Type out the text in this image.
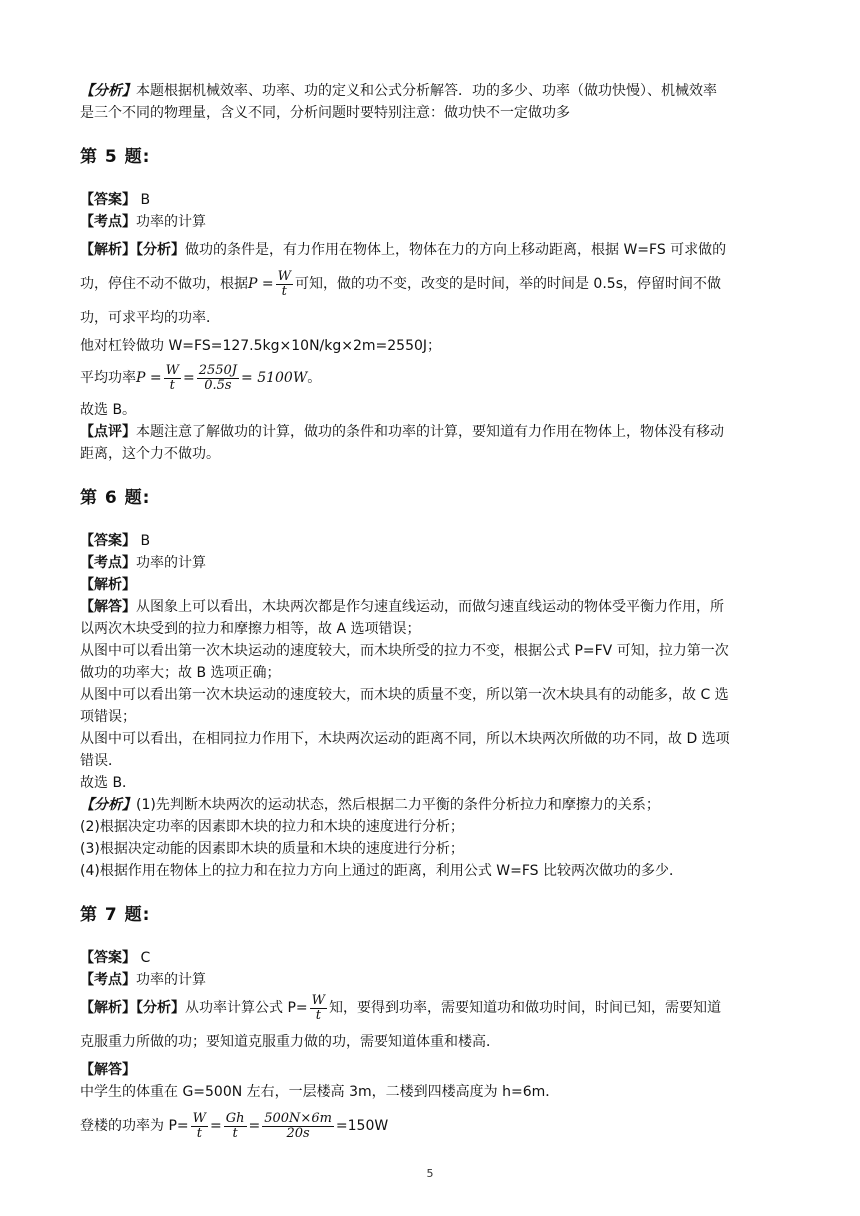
【分析】本题根据机械效率、功率、功的定义和公式分析解答．功的多少、功率（做功快慢）、机械效率
是三个不同的物理量，含义不同，分析问题时要特别注意：做功快不一定做功多
第 5 题:
【答案】 B
【考点】功率的计算
【解析】【分析】做功的条件是，有力作用在物体上，物体在力的方向上移动距离，根据 W=FS 可求做的
功，停住不动不做功，根据$P = \frac{W}{t}$ 可知，做的功不变，改变的是时间，举的时间是 0.5s，停留时间不做
功，可求平均的功率．
他对杠铃做功 W=FS=127.5kg×10N/kg×2m=2550J；
平均功率$P = \frac{W}{t} = \frac{2550J}{0.5s} = 5100W$。
故选 B。
【点评】本题注意了解做功的计算，做功的条件和功率的计算，要知道有力作用在物体上，物体没有移动
距离，这个力不做功。
第 6 题:
【答案】 B
【考点】功率的计算
【解析】
【解答】从图象上可以看出，木块两次都是作匀速直线运动，而做匀速直线运动的物体受平衡力作用，所
以两次木块受到的拉力和摩擦力相等，故 A 选项错误；
从图中可以看出第一次木块运动的速度较大，而木块所受的拉力不变，根据公式 P=FV 可知，拉力第一次
做功的功率大；故 B 选项正确；
从图中可以看出第一次木块运动的速度较大，而木块的质量不变，所以第一次木块具有的动能多，故 C 选
项错误；
从图中可以看出，在相同拉力作用下，木块两次运动的距离不同，所以木块两次所做的功不同，故 D 选项
错误．
故选 B．
【分析】(1)先判断木块两次的运动状态，然后根据二力平衡的条件分析拉力和摩擦力的关系；
(2)根据决定功率的因素即木块的拉力和木块的速度进行分析；
(3)根据决定动能的因素即木块的质量和木块的速度进行分析；
(4)根据作用在物体上的拉力和在拉力方向上通过的距离，利用公式 W=FS 比较两次做功的多少．
第 7 题:
【答案】 C
【考点】功率的计算
【解析】【分析】从功率计算公式 $P= \frac{W}{t}$ 知，要得到功率，需要知道功和做功时间，时间已知，需要知道
克服重力所做的功；要知道克服重力做的功，需要知道体重和楼高．
【解答】
中学生的体重在 G=500N 左右，一层楼高 3m，二楼到四楼高度为 h=6m．
登楼的功率为 $P= \frac{W}{t} = \frac{Gh}{t} = \frac{500N\times 6m}{20s} =150W$
5
